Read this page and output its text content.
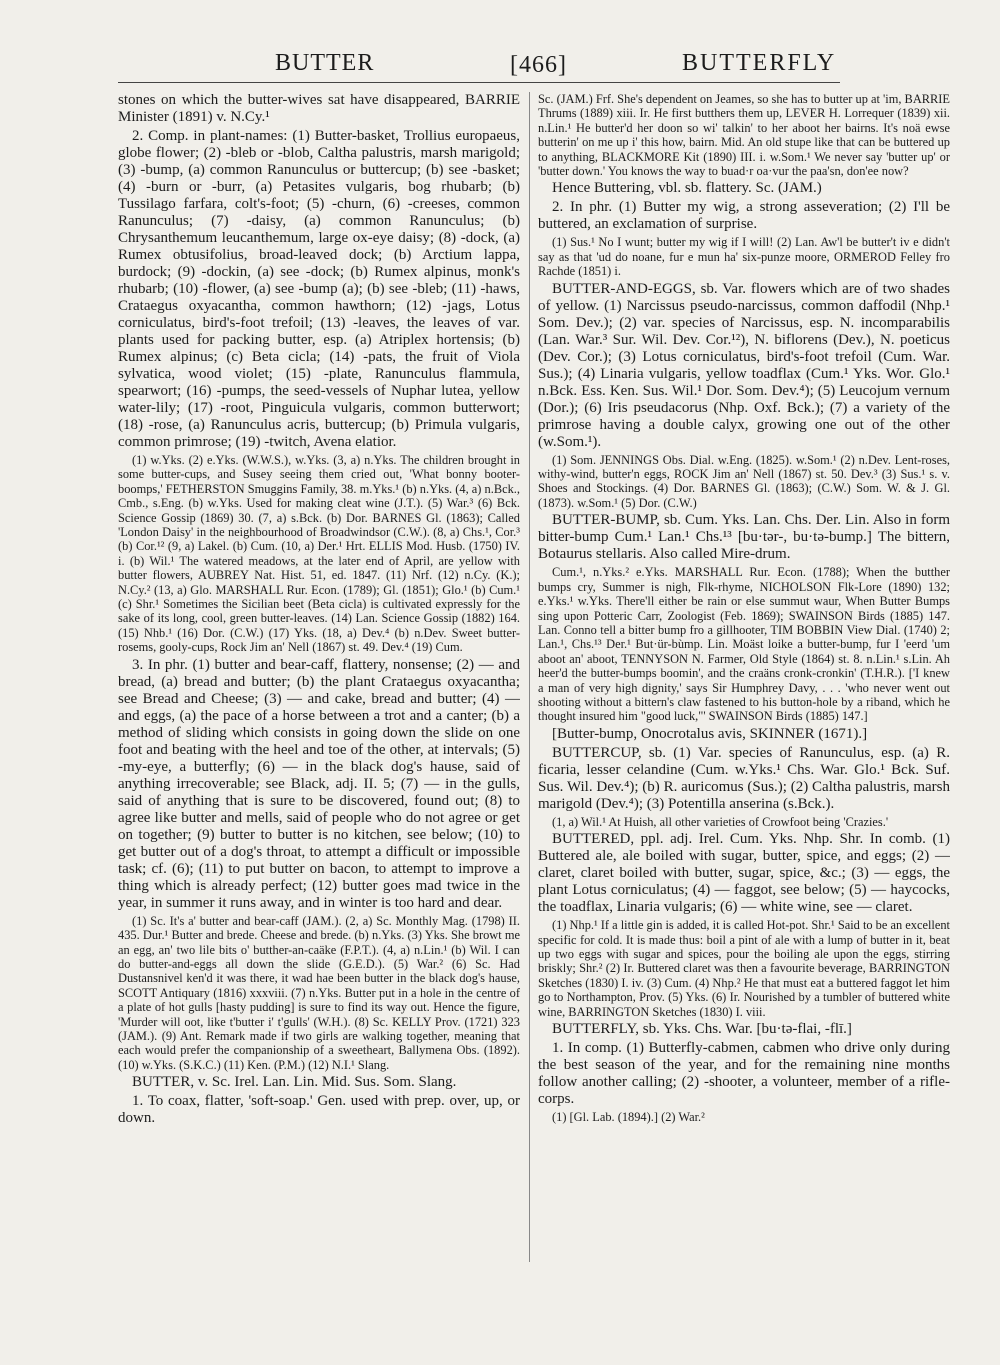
BUTTER	[466]	BUTTERFLY

stones on which the butter-wives sat have disappeared, BARRIE Minister (1891) v. N.Cy.¹

2. Comp. in plant-names: (1) Butter-basket, Trollius europaeus, globe flower; (2) -bleb or -blob, Caltha palustris, marsh marigold; (3) -bump, (a) common Ranunculus or buttercup; (b) see -basket; (4) -burn or -burr, (a) Petasites vulgaris, bog rhubarb; (b) Tussilago farfara, colt's-foot; (5) -churn, (6) -creeses, common Ranunculus; (7) -daisy, (a) common Ranunculus; (b) Chrysanthemum leucanthemum, large ox-eye daisy; (8) -dock, (a) Rumex obtusifolius, broad-leaved dock; (b) Arctium lappa, burdock; (9) -dockin, (a) see -dock; (b) Rumex alpinus, monk's rhubarb; (10) -flower, (a) see -bump (a); (b) see -bleb; (11) -haws, Crataegus oxyacantha, common hawthorn; (12) -jags, Lotus corniculatus, bird's-foot trefoil; (13) -leaves, the leaves of var. plants used for packing butter, esp. (a) Atriplex hortensis; (b) Rumex alpinus; (c) Beta cicla; (14) -pats, the fruit of Viola sylvatica, wood violet; (15) -plate, Ranunculus flammula, spearwort; (16) -pumps, the seed-vessels of Nuphar lutea, yellow water-lily; (17) -root, Pinguicula vulgaris, common butterwort; (18) -rose, (a) Ranunculus acris, buttercup; (b) Primula vulgaris, common primrose; (19) -twitch, Avena elatior.

(1) w.Yks. (2) e.Yks. (W.W.S.), w.Yks. (3, a) n.Yks. The children brought in some butter-cups, and Susey seeing them cried out, 'What bonny booter-boomps,' FETHERSTON Smuggins Family, 38. m.Yks.¹ (b) n.Yks. (4, a) n.Bck., Cmb., s.Eng. (b) w.Yks. Used for making cleat wine (J.T.). (5) War.³ (6) Bck. Science Gossip (1869) 30. (7, a) s.Bck. (b) Dor. BARNES Gl. (1863); Called 'London Daisy' in the neighbourhood of Broadwindsor (C.W.). (8, a) Chs.¹, Cor.³ (b) Cor.¹² (9, a) Lakel. (b) Cum. (10, a) Der.¹ Hrt. ELLIS Mod. Husb. (1750) IV. i. (b) Wil.¹ The watered meadows, at the later end of April, are yellow with butter flowers, AUBREY Nat. Hist. 51, ed. 1847. (11) Nrf. (12) n.Cy. (K.); N.Cy.² (13, a) Glo. MARSHALL Rur. Econ. (1789); Gl. (1851); Glo.¹ (b) Cum.¹ (c) Shr.¹ Sometimes the Sicilian beet (Beta cicla) is cultivated expressly for the sake of its long, cool, green butter-leaves. (14) Lan. Science Gossip (1882) 164. (15) Nhb.¹ (16) Dor. (C.W.) (17) Yks. (18, a) Dev.⁴ (b) n.Dev. Sweet butter-rosems, gooly-cups, Rock Jim an' Nell (1867) st. 49. Dev.⁴ (19) Cum.

3. In phr. (1) butter and bear-caff, flattery, nonsense; (2) — and bread, (a) bread and butter; (b) the plant Crataegus oxyacantha; see Bread and Cheese; (3) — and cake, bread and butter; (4) — and eggs, (a) the pace of a horse between a trot and a canter; (b) a method of sliding which consists in going down the slide on one foot and beating with the heel and toe of the other, at intervals; (5) -my-eye, a butterfly; (6) — in the black dog's hause, said of anything irrecoverable; see Black, adj. II. 5; (7) — in the gulls, said of anything that is sure to be discovered, found out; (8) to agree like butter and mells, said of people who do not agree or get on together; (9) butter to butter is no kitchen, see below; (10) to get butter out of a dog's throat, to attempt a difficult or impossible task; cf. (6); (11) to put butter on bacon, to attempt to improve a thing which is already perfect; (12) butter goes mad twice in the year, in summer it runs away, and in winter is too hard and dear.

(1) Sc. It's a' butter and bear-caff (JAM.). (2, a) Sc. Monthly Mag. (1798) II. 435. Dur.¹ Butter and brede. Cheese and brede. (b) n.Yks. (3) Yks. She browt me an egg, an' two lile bits o' butther-an-caäke (F.P.T.). (4, a) n.Lin.¹ (b) Wil. I can do butter-and-eggs all down the slide (G.E.D.). (5) War.² (6) Sc. Had Dustansnivel ken'd it was there, it wad hae been butter in the black dog's hause, SCOTT Antiquary (1816) xxxviii. (7) n.Yks. Butter put in a hole in the centre of a plate of hot gulls [hasty pudding] is sure to find its way out. Hence the figure, 'Murder will oot, like t'butter i' t'gulls' (W.H.). (8) Sc. KELLY Prov. (1721) 323 (JAM.). (9) Ant. Remark made if two girls are walking together, meaning that each would prefer the companionship of a sweetheart, Ballymena Obs. (1892). (10) w.Yks. (S.K.C.) (11) Ken. (P.M.) (12) N.I.¹ Slang.

BUTTER, v. Sc. Irel. Lan. Lin. Mid. Sus. Som. Slang.

1. To coax, flatter, 'soft-soap.' Gen. used with prep. over, up, or down.

Sc. (JAM.) Frf. She's dependent on Jeames, so she has to butter up at 'im, BARRIE Thrums (1889) xiii. Ir. He first butthers them up, LEVER H. Lorrequer (1839) xii. n.Lin.¹ He butter'd her doon so wi' talkin' to her aboot her bairns. It's noä ewse butterin' on me up i' this how, bairn. Mid. An old stupe like that can be buttered up to anything, BLACKMORE Kit (1890) III. i. w.Som.¹ We never say 'butter up' or 'butter down.' You knows the way to buad·r oa·vur the paa'sn, don'ee now?

Hence Buttering, vbl. sb. flattery. Sc. (JAM.)

2. In phr. (1) Butter my wig, a strong asseveration; (2) I'll be buttered, an exclamation of surprise.

(1) Sus.¹ No I wunt; butter my wig if I will! (2) Lan. Aw'l be butter't iv e didn't say as that 'ud do noane, fur e mun ha' six-punze moore, ORMEROD Felley fro Rachde (1851) i.

BUTTER-AND-EGGS, sb. Var. flowers which are of two shades of yellow. (1) Narcissus pseudo-narcissus, common daffodil (Nhp.¹ Som. Dev.); (2) var. species of Narcissus, esp. N. incomparabilis (Lan. War.³ Sur. Wil. Dev. Cor.¹²), N. biflorens (Dev.), N. poeticus (Dev. Cor.); (3) Lotus corniculatus, bird's-foot trefoil (Cum. War. Sus.); (4) Linaria vulgaris, yellow toadflax (Cum.¹ Yks. Wor. Glo.¹ n.Bck. Ess. Ken. Sus. Wil.¹ Dor. Som. Dev.⁴); (5) Leucojum vernum (Dor.); (6) Iris pseudacorus (Nhp. Oxf. Bck.); (7) a variety of the primrose having a double calyx, growing one out of the other (w.Som.¹).

(1) Som. JENNINGS Obs. Dial. w.Eng. (1825). w.Som.¹ (2) n.Dev. Lent-roses, withy-wind, butter'n eggs, ROCK Jim an' Nell (1867) st. 50. Dev.³ (3) Sus.¹ s. v. Shoes and Stockings. (4) Dor. BARNES Gl. (1863); (C.W.) Som. W. & J. Gl. (1873). w.Som.¹ (5) Dor. (C.W.)

BUTTER-BUMP, sb. Cum. Yks. Lan. Chs. Der. Lin. Also in form bitter-bump Cum.¹ Lan.¹ Chs.¹³ [bu·tər-, bu·tə-bump.] The bittern, Botaurus stellaris. Also called Mire-drum.

Cum.¹, n.Yks.² e.Yks. MARSHALL Rur. Econ. (1788); When the butther bumps cry, Summer is nigh, Flk-rhyme, NICHOLSON Flk-Lore (1890) 132; e.Yks.¹ w.Yks. There'll either be rain or else summut waur, When Butter Bumps sing upon Potteric Carr, Zoologist (Feb. 1869); SWAINSON Birds (1885) 147. Lan. Conno tell a bitter bump fro a gillhooter, TIM BOBBIN View Dial. (1740) 2; Lan.¹, Chs.¹³ Der.¹ But·ür-bùmp. Lin. Moäst loike a butter-bump, fur I 'eerd 'um aboot an' aboot, TENNYSON N. Farmer, Old Style (1864) st. 8. n.Lin.¹ s.Lin. Ah heer'd the butter-bumps boomin', and the craäns cronk-cronkin' (T.H.R.). ['I knew a man of very high dignity,' says Sir Humphrey Davy, . . . 'who never went out shooting without a bittern's claw fastened to his button-hole by a riband, which he thought insured him "good luck,"' SWAINSON Birds (1885) 147.]

[Butter-bump, Onocrotalus avis, SKINNER (1671).]

BUTTERCUP, sb. (1) Var. species of Ranunculus, esp. (a) R. ficaria, lesser celandine (Cum. w.Yks.¹ Chs. War. Glo.¹ Bck. Suf. Sus. Wil. Dev.⁴); (b) R. auricomus (Sus.); (2) Caltha palustris, marsh marigold (Dev.⁴); (3) Potentilla anserina (s.Bck.).

(1, a) Wil.¹ At Huish, all other varieties of Crowfoot being 'Crazies.'

BUTTERED, ppl. adj. Irel. Cum. Yks. Nhp. Shr. In comb. (1) Buttered ale, ale boiled with sugar, butter, spice, and eggs; (2) — claret, claret boiled with butter, sugar, spice, &c.; (3) — eggs, the plant Lotus corniculatus; (4) — faggot, see below; (5) — haycocks, the toadflax, Linaria vulgaris; (6) — white wine, see — claret.

(1) Nhp.¹ If a little gin is added, it is called Hot-pot. Shr.¹ Said to be an excellent specific for cold. It is made thus: boil a pint of ale with a lump of butter in it, beat up two eggs with sugar and spices, pour the boiling ale upon the eggs, stirring briskly; Shr.² (2) Ir. Buttered claret was then a favourite beverage, BARRINGTON Sketches (1830) I. iv. (3) Cum. (4) Nhp.² He that must eat a buttered faggot let him go to Northampton, Prov. (5) Yks. (6) Ir. Nourished by a tumbler of buttered white wine, BARRINGTON Sketches (1830) I. viii.

BUTTERFLY, sb. Yks. Chs. War. [bu·tə-flai, -flī.]

1. In comp. (1) Butterfly-cabmen, cabmen who drive only during the best season of the year, and for the remaining nine months follow another calling; (2) -shooter, a volunteer, member of a rifle-corps.

(1) [Gl. Lab. (1894).] (2) War.²
